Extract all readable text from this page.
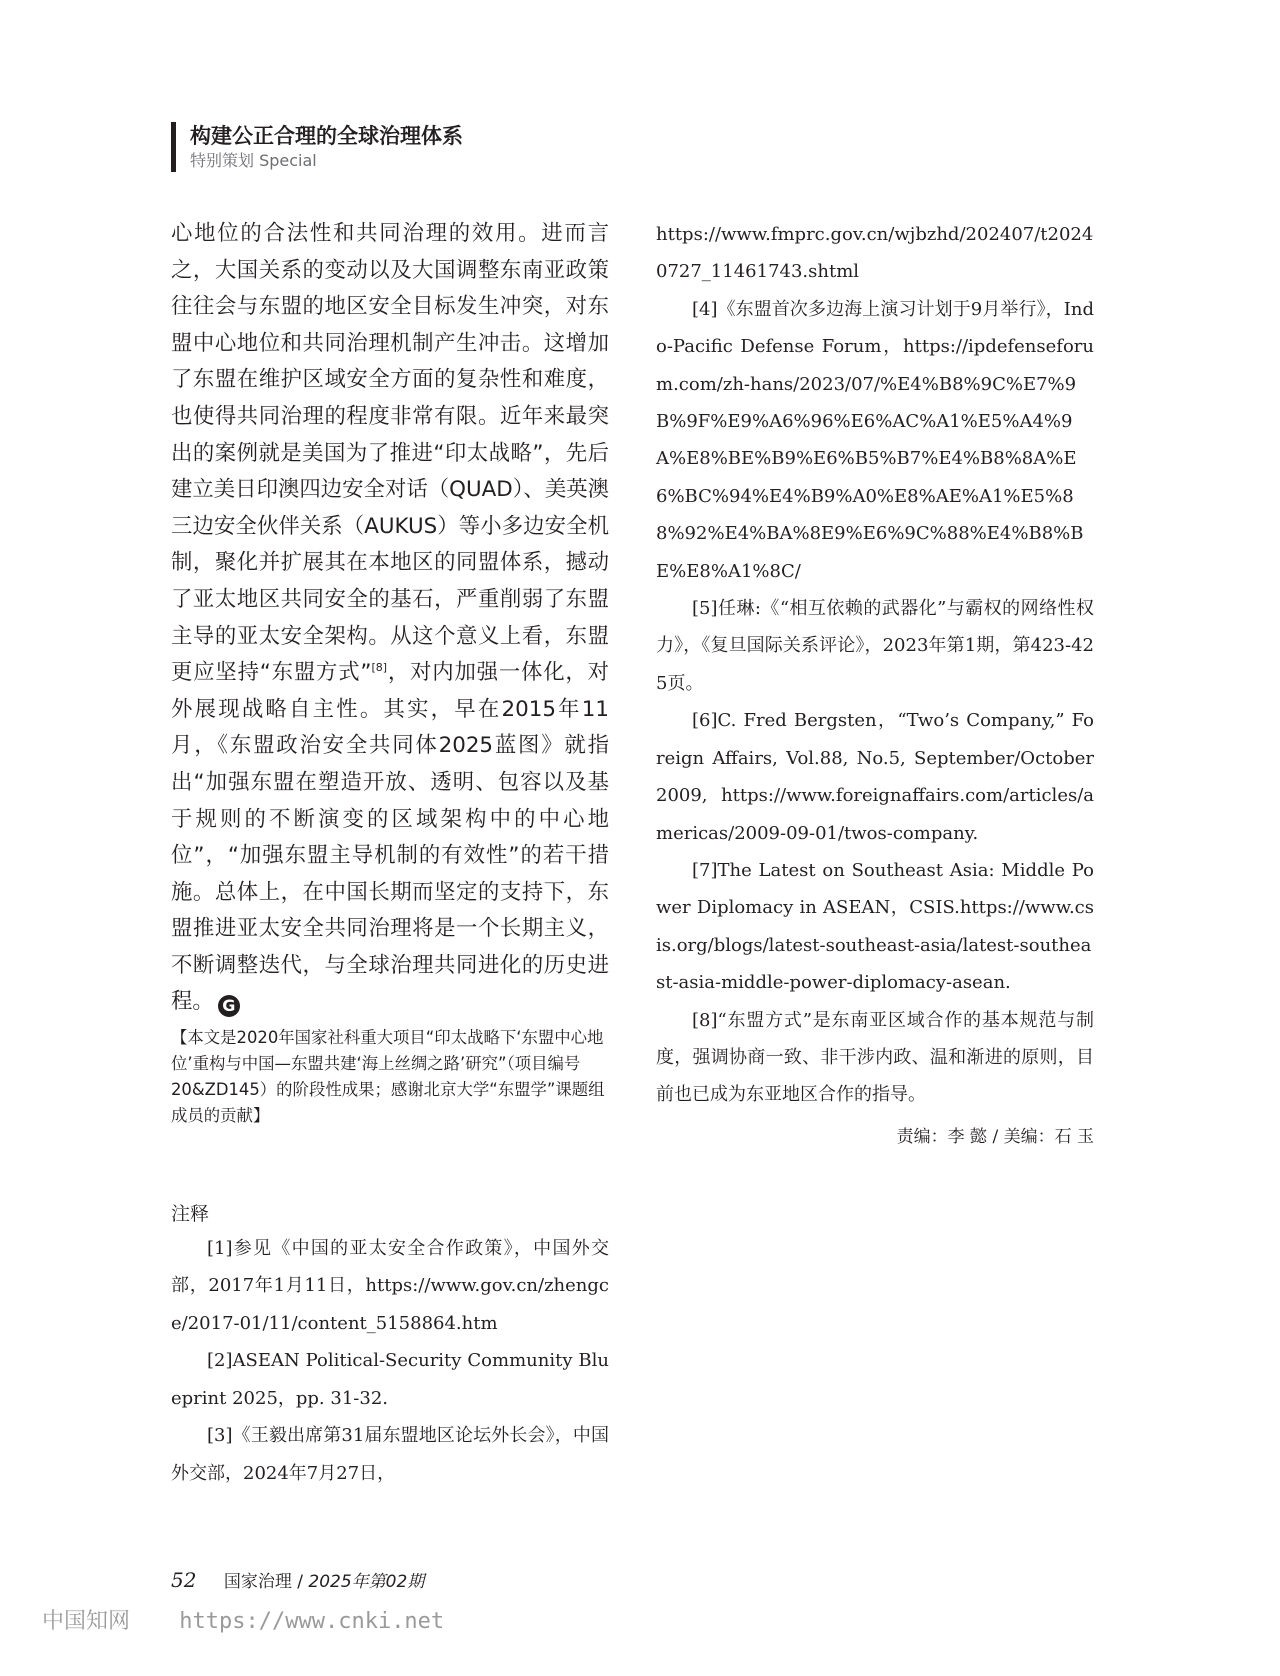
构建公正合理的全球治理体系
特别策划 Special

心地位的合法性和共同治理的效用。进而言之，大国关系的变动以及大国调整东南亚政策往往会与东盟的地区安全目标发生冲突，对东盟中心地位和共同治理机制产生冲击。这增加了东盟在维护区域安全方面的复杂性和难度，也使得共同治理的程度非常有限。近年来最突出的案例就是美国为了推进“印太战略”，先后建立美日印澳四边安全对话（QUAD）、美英澳三边安全伙伴关系（AUKUS）等小多边安全机制，聚化并扩展其在本地区的同盟体系，撼动了亚太地区共同安全的基石，严重削弱了东盟主导的亚太安全架构。从这个意义上看，东盟更应坚持“东盟方式”[8]，对内加强一体化，对外展现战略自主性。其实，早在2015年11月，《东盟政治安全共同体2025蓝图》就指出“加强东盟在塑造开放、透明、包容以及基于规则的不断演变的区域架构中的中心地位”，“加强东盟主导机制的有效性”的若干措施。总体上，在中国长期而坚定的支持下，东盟推进亚太安全共同治理将是一个长期主义，不断调整迭代，与全球治理共同进化的历史进程。 G

【本文是2020年国家社科重大项目“印太战略下‘东盟中心地位’重构与中国—东盟共建‘海上丝绸之路’研究”（项目编号20&ZD145）的阶段性成果；感谢北京大学“东盟学”课题组成员的贡献】
注释

[1]参见《中国的亚太安全合作政策》，中国外交部，2017年1月11日，https://www.gov.cn/zhengce/2017-01/11/content_5158864.htm

[2]ASEAN Political-Security Community Blueprint 2025，pp. 31-32.

[3]《王毅出席第31届东盟地区论坛外长会》，中国外交部，2024年7月27日，

https://www.fmprc.gov.cn/wjbzhd/202407/t20240727_11461743.shtml

[4]《东盟首次多边海上演习计划于9月举行》，Indo-Pacific Defense Forum，https://ipdefenseforum.com/zh-hans/2023/07/%E4%B8%9C%E7%9B%9F%E9%A6%96%E6%AC%A1%E5%A4%9A%E8%BE%B9%E6%B5%B7%E4%B8%8A%E6%BC%94%E4%B9%A0%E8%AE%A1%E5%88%92%E4%BA%8E9%E6%9C%88%E4%B8%BE%E8%A1%8C/

[5]任琳:《“相互依赖的武器化”与霸权的网络性权力》，《复旦国际关系评论》，2023年第1期，第423-425页。

[6]C. Fred Bergsten，“Two’s Company,” Foreign Affairs, Vol.88, No.5, September/October 2009, https://www.foreignaffairs.com/articles/americas/2009-09-01/twos-company.

[7]The Latest on Southeast Asia: Middle Power Diplomacy in ASEAN，CSIS.https://www.csis.org/blogs/latest-southeast-asia/latest-southeast-asia-middle-power-diplomacy-asean.

[8]“东盟方式”是东南亚区域合作的基本规范与制度，强调协商一致、非干涉内政、温和渐进的原则，目前也已成为东亚地区合作的指导。

责编：李 懿 / 美编：石 玉
52 国家治理 / 2025年第02期
中国知网 https://www.cnki.net
